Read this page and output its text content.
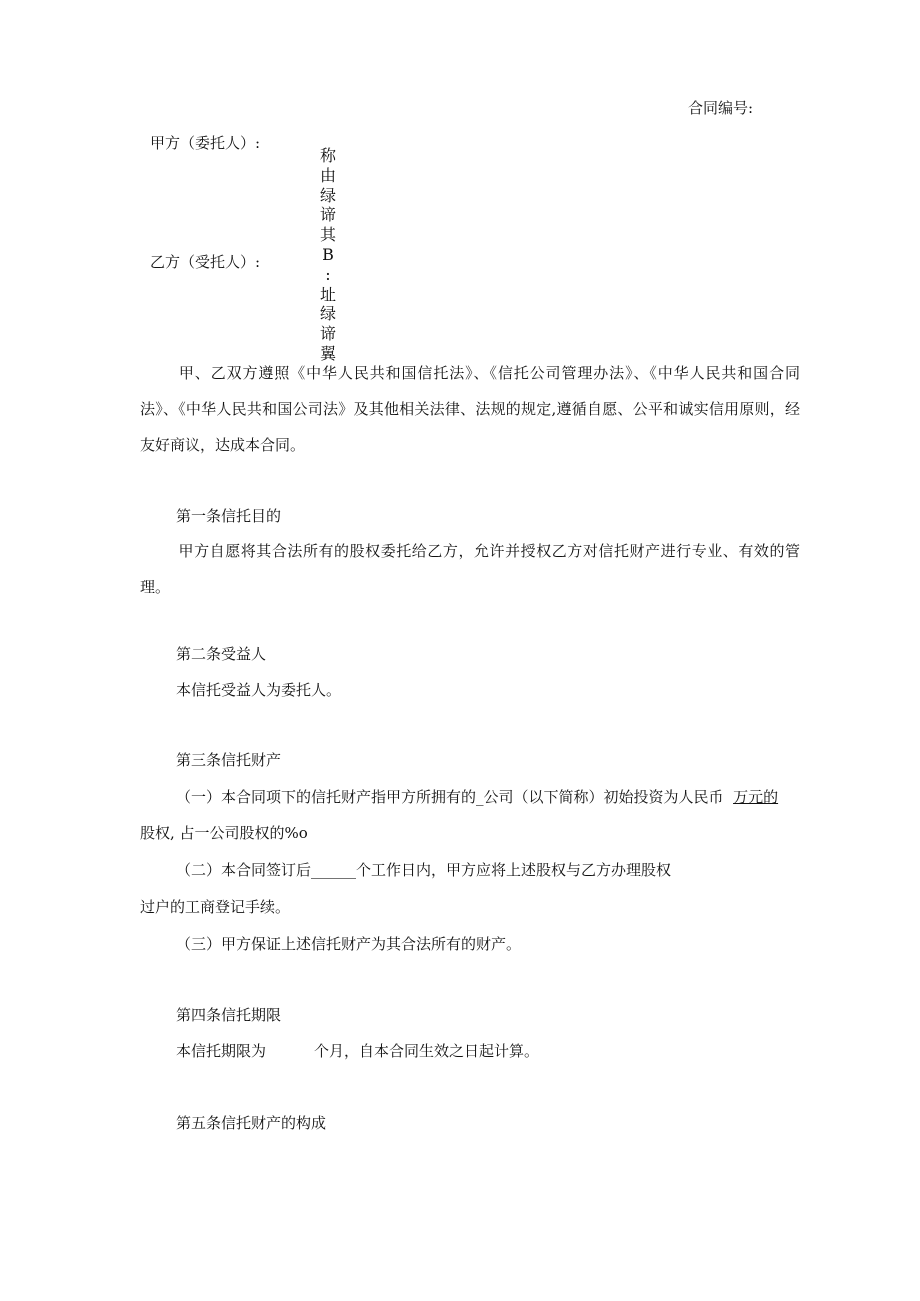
合同编号:
甲方（委托人）:
乙方（受托人）:
称
由
绿
谛
其
B
:
址
绿
谛
翼
甲、乙双方遵照《中华人民共和国信托法》、《信托公司管理办法》、《中华人民共和国合同法》、《中华人民共和国公司法》及其他相关法律、法规的规定,遵循自愿、公平和诚实信用原则，经友好商议，达成本合同。
第一条信托目的
甲方自愿将其合法所有的股权委托给乙方，允许并授权乙方对信托财产进行专业、有效的管理。
第二条受益人
本信托受益人为委托人。
第三条信托财产
（一）本合同项下的信托财产指甲方所拥有的_公司（以下简称）初始投资为人民币 万元的
股权, 占一公司股权的%o
（二）本合同签订后______个工作日内，甲方应将上述股权与乙方办理股权
过户的工商登记手续。
（三）甲方保证上述信托财产为其合法所有的财产。
第四条信托期限
本信托期限为	个月，自本合同生效之日起计算。
第五条信托财产的构成
